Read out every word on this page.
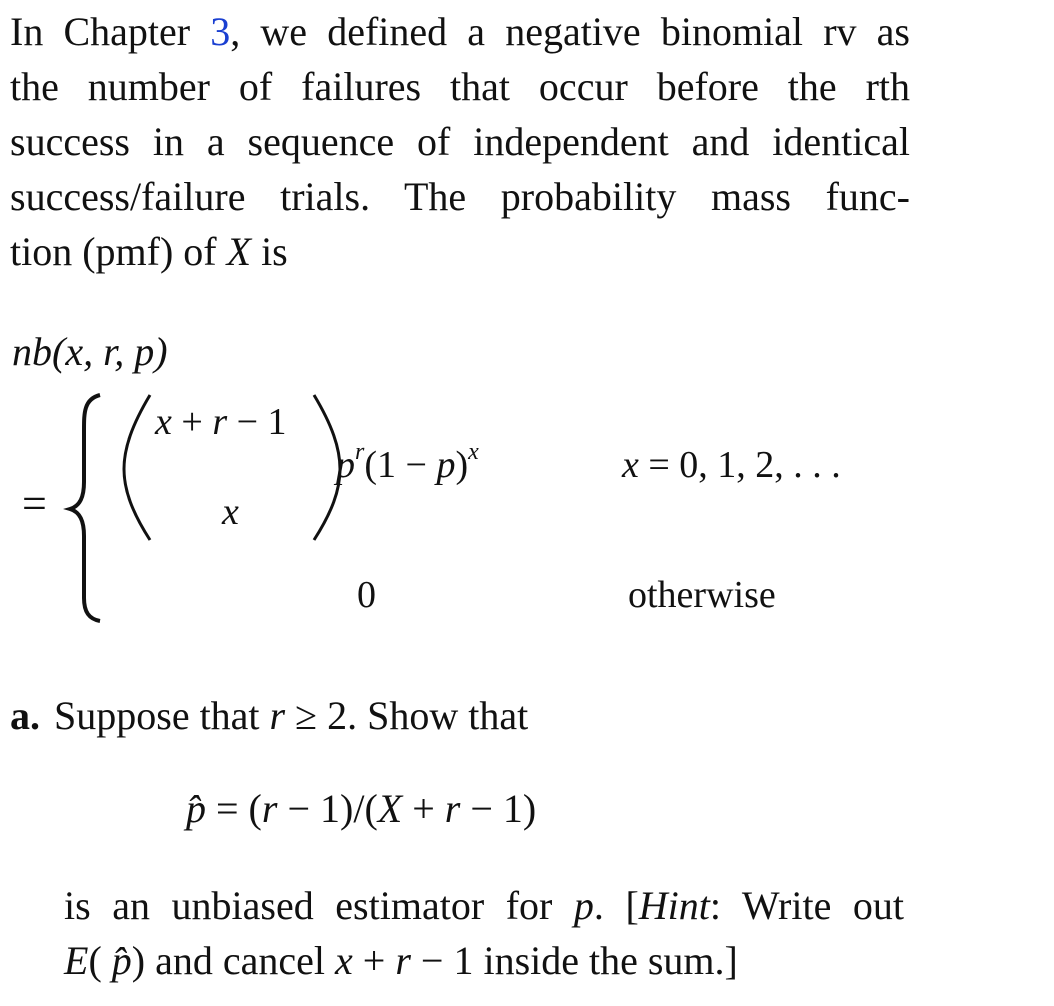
In Chapter 3, we defined a negative binomial rv as
the number of failures that occur before the rth
success in a sequence of independent and identical
success/failure trials. The probability mass func-
tion (pmf) of X is
nb(x, r, p)
=
x + r − 1
x
$p^r(1 - p)^x$	x = 0, 1, 2, . . .
0	otherwise
a. Suppose that r ≥ 2. Show that
p̂ = (r − 1)/(X + r − 1)
is an unbiased estimator for p. [Hint: Write out
E( p̂) and cancel x + r − 1 inside the sum.]
